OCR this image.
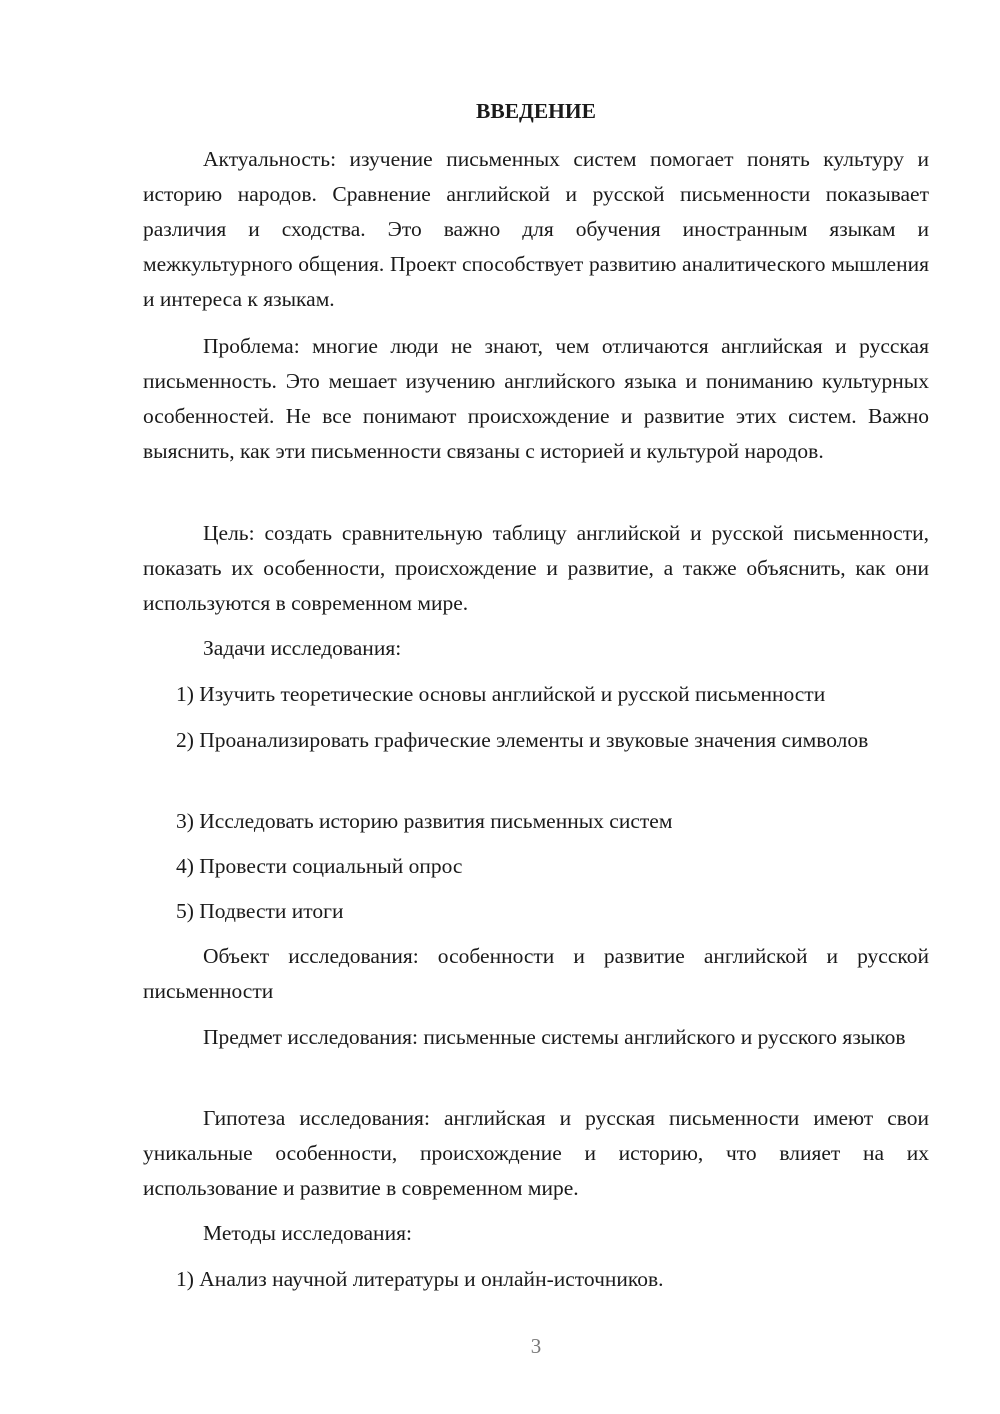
ВВЕДЕНИЕ
Актуальность: изучение письменных систем помогает понять культуру и историю народов. Сравнение английской и русской письменности показывает различия и сходства. Это важно для обучения иностранным языкам и межкультурного общения. Проект способствует развитию аналитического мышления и интереса к языкам.
Проблема: многие люди не знают, чем отличаются английская и русская письменность. Это мешает изучению английского языка и пониманию культурных особенностей. Не все понимают происхождение и развитие этих систем. Важно выяснить, как эти письменности связаны с историей и культурой народов.
Цель: создать сравнительную таблицу английской и русской письменности, показать их особенности, происхождение и развитие, а также объяснить, как они используются в современном мире.
Задачи исследования:
1) Изучить теоретические основы английской и русской письменности
2) Проанализировать графические элементы и звуковые значения символов
3) Исследовать историю развития письменных систем
4) Провести социальный опрос
5) Подвести итоги
Объект исследования: особенности и развитие английской и русской письменности
Предмет исследования: письменные системы английского и русского языков
Гипотеза исследования: английская и русская письменности имеют свои уникальные особенности, происхождение и историю, что влияет на их использование и развитие в современном мире.
Методы исследования:
1) Анализ научной литературы и онлайн-источников.
3
